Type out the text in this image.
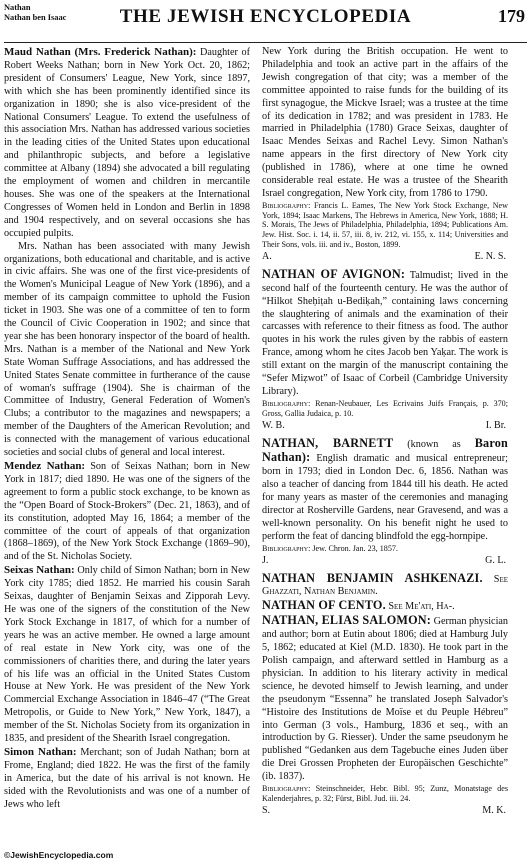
Nathan
Nathan ben Isaac	THE JEWISH ENCYCLOPEDIA	179

Maud Nathan (Mrs. Frederick Nathan): Daughter of Robert Weeks Nathan; born in New York Oct. 20, 1862; president of Consumers' League, New York, since 1897, with which she has been prominently identified since its organization in 1890; she is also vice-president of the National Consumers' League. To extend the usefulness of this association Mrs. Nathan has addressed various societies in the leading cities of the United States upon educational and philanthropic subjects, and before a legislative committee at Albany (1894) she advocated a bill regulating the employment of women and children in mercantile houses. She was one of the speakers at the International Congresses of Women held in London and Berlin in 1898 and 1904 respectively, and on several occasions she has occupied pulpits.

Mrs. Nathan has been associated with many Jewish organizations, both educational and charitable, and is active in civic affairs. She was one of the first vice-presidents of the Women's Municipal League of New York (1896), and a member of its campaign committee to uphold the Fusion ticket in 1903. She was one of a committee of ten to form the Council of Civic Cooperation in 1902; and since that year she has been honorary inspector of the board of health. Mrs. Nathan is a member of the National and New York State Woman Suffrage Associations, and has addressed the United States Senate committee in furtherance of the cause of woman's suffrage (1904). She is chairman of the Committee of Industry, General Federation of Women's Clubs; a contributor to the magazines and newspapers; a member of the Daughters of the American Revolution; and is connected with the management of various educational societies and social clubs of general and local interest.

Mendez Nathan: Son of Seixas Nathan; born in New York in 1817; died 1890. He was one of the signers of the agreement to form a public stock exchange, to be known as the “Open Board of Stock-Brokers” (Dec. 21, 1863), and of its constitution, adopted May 16, 1864; a member of the committee of the court of appeals of that organization (1868–1869), of the New York Stock Exchange (1869–90), and of the St. Nicholas Society.

Seixas Nathan: Only child of Simon Nathan; born in New York city 1785; died 1852. He married his cousin Sarah Seixas, daughter of Benjamin Seixas and Zipporah Levy. He was one of the signers of the constitution of the New York Stock Exchange in 1817, of which for a number of years he was an active member. He owned a large amount of real estate in New York city, was one of the commissioners of charities there, and during the later years of his life was an official in the United States Custom House at New York. He was president of the New York Commercial Exchange Association in 1846–47 (“The Great Metropolis, or Guide to New York,” New York, 1847), a member of the St. Nicholas Society from its organization in 1835, and president of the Shearith Israel congregation.

Simon Nathan: Merchant; son of Judah Nathan; born at Frome, England; died 1822. He was the first of the family in America, but the date of his arrival is not known. He sided with the Revolutionists and was one of a number of Jews who left

New York during the British occupation. He went to Philadelphia and took an active part in the affairs of the Jewish congregation of that city; was a member of the committee appointed to raise funds for the building of its first synagogue, the Mickve Israel; was a trustee at the time of its dedication in 1782; and was president in 1783. He married in Philadelphia (1780) Grace Seixas, daughter of Isaac Mendes Seixas and Rachel Levy. Simon Nathan's name appears in the first directory of New York city (published in 1786), where at one time he owned considerable real estate. He was a trustee of the Shearith Israel congregation, New York city, from 1786 to 1790.

Bibliography: Francis L. Eames, The New York Stock Exchange, New York, 1894; Isaac Markens, The Hebrews in America, New York, 1888; H. S. Morais, The Jews of Philadelphia, Philadelphia, 1894; Publications Am. Jew. Hist. Soc. i. 14, ii. 57, iii. 8, iv. 212, vi. 155, x. 114; Universities and Their Sons, vols. iii. and iv., Boston, 1899.

A.	E. N. S.

NATHAN OF AVIGNON: Talmudist; lived in the second half of the fourteenth century. He was the author of “Hilkot Sheḥiṭah u-Bediḳah,” containing laws concerning the slaughtering of animals and the examination of their carcasses with reference to their fitness as food. The author quotes in his work the rules given by the rabbis of eastern France, among whom he cites Jacob ben Yaḳar. The work is still extant on the margin of the manuscript containing the “Sefer Miẓwot” of Isaac of Corbeil (Cambridge University Library).

Bibliography: Renan-Neubauer, Les Ecrivains Juifs Français, p. 370; Gross, Gallia Judaica, p. 10.

W. B.	I. Br.

NATHAN, BARNETT (known as Baron Nathan): English dramatic and musical entrepreneur; born in 1793; died in London Dec. 6, 1856. Nathan was also a teacher of dancing from 1844 till his death. He acted for many years as master of the ceremonies and managing director at Rosherville Gardens, near Gravesend, and was a well-known personality. On his benefit night he used to perform the feat of dancing blindfold the egg-hornpipe.

Bibliography: Jew. Chron. Jan. 23, 1857.

J.	G. L.

NATHAN BENJAMIN ASHKENAZI. See Ghazzati, Nathan Benjamin.

NATHAN OF CENTO. See Me'ati, Ha-.

NATHAN, ELIAS SALOMON: German physician and author; born at Eutin about 1806; died at Hamburg July 5, 1862; educated at Kiel (M.D. 1830). He took part in the Polish campaign, and afterward settled in Hamburg as a physician. In addition to his literary activity in medical science, he devoted himself to Jewish learning, and under the pseudonym “Essenna” he translated Joseph Salvador's “Histoire des Institutions de Moïse et du Peuple Hébreu” into German (3 vols., Hamburg, 1836 et seq., with an introduction by G. Riesser). Under the same pseudonym he published “Gedanken aus dem Tagebuche eines Juden über die Drei Grossen Propheten der Europäischen Geschichte” (ib. 1837).

Bibliography: Steinschneider, Hebr. Bibl. 95; Zunz, Monatstage des Kalenderjahres, p. 32; Fürst, Bibl. Jud. iii. 24.

S.	M. K.
©JewishEncyclopedia.com
